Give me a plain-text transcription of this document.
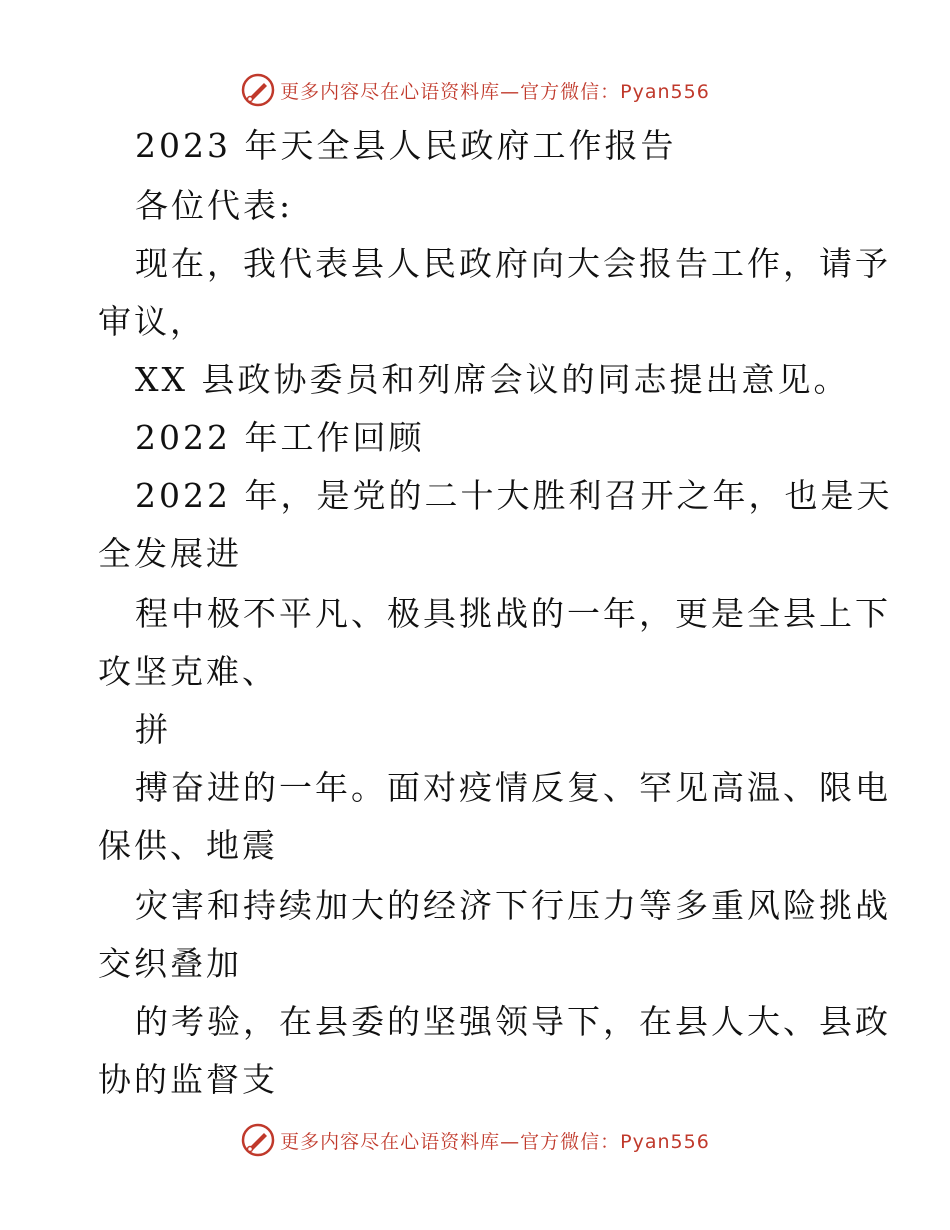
更多内容尽在心语资料库—官方微信：Pyan556
2023 年天全县人民政府工作报告
各位代表:
现在，我代表县人民政府向大会报告工作，请予
审议，
XX 县政协委员和列席会议的同志提出意见。
2022 年工作回顾
2022 年，是党的二十大胜利召开之年，也是天
全发展进
程中极不平凡、极具挑战的一年，更是全县上下
攻坚克难、
拼
搏奋进的一年。面对疫情反复、罕见高温、限电
保供、地震
灾害和持续加大的经济下行压力等多重风险挑战
交织叠加
的考验，在县委的坚强领导下，在县人大、县政
协的监督支
更多内容尽在心语资料库—官方微信：Pyan556
